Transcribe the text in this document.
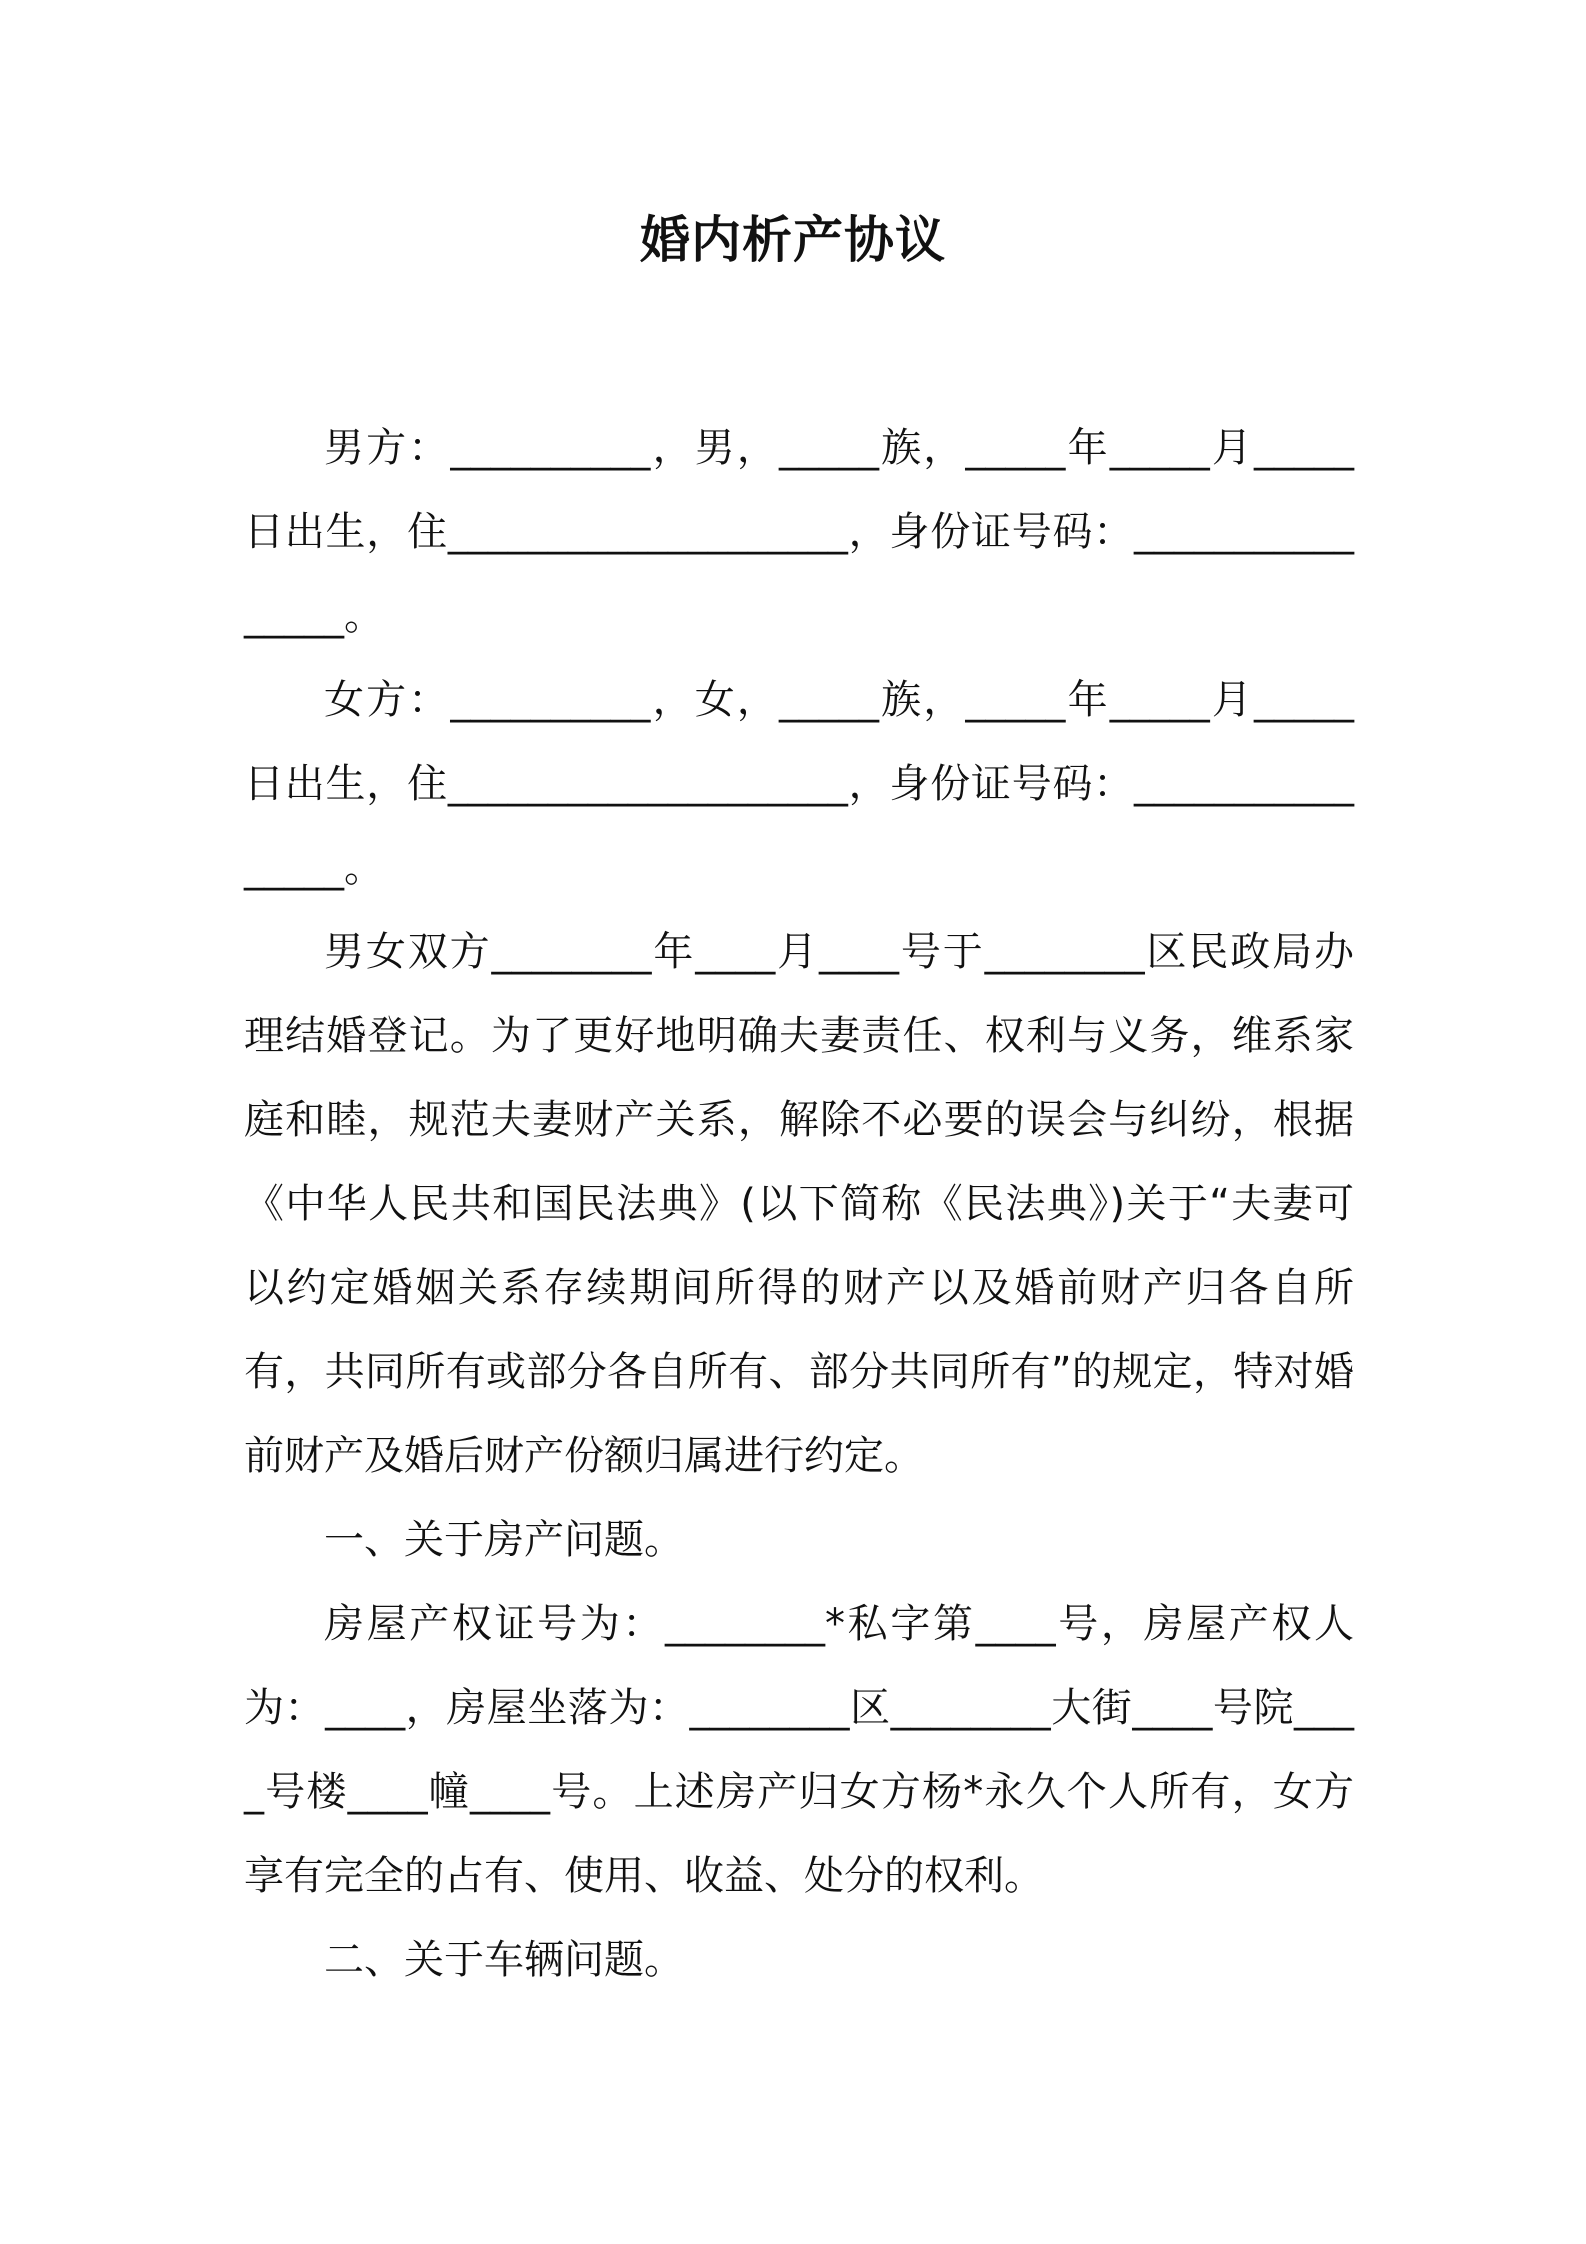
婚内析产协议

男方：__________，男，_____族，_____年_____月_____日出生，住____________________，身份证号码：________________。

女方：__________，女，_____族，_____年_____月_____日出生，住____________________，身份证号码：________________。

男女双方________年____月____号于________区民政局办理结婚登记。为了更好地明确夫妻责任、权利与义务，维系家庭和睦，规范夫妻财产关系，解除不必要的误会与纠纷，根据《中华人民共和国民法典》(以下简称《民法典》)关于“夫妻可以约定婚姻关系存续期间所得的财产以及婚前财产归各自所有，共同所有或部分各自所有、部分共同所有”的规定，特对婚前财产及婚后财产份额归属进行约定。

一、关于房产问题。

房屋产权证号为：________*私字第____号，房屋产权人为：____，房屋坐落为：________区________大街____号院____号楼____幢____号。上述房产归女方杨*永久个人所有，女方享有完全的占有、使用、收益、处分的权利。

二、关于车辆问题。
